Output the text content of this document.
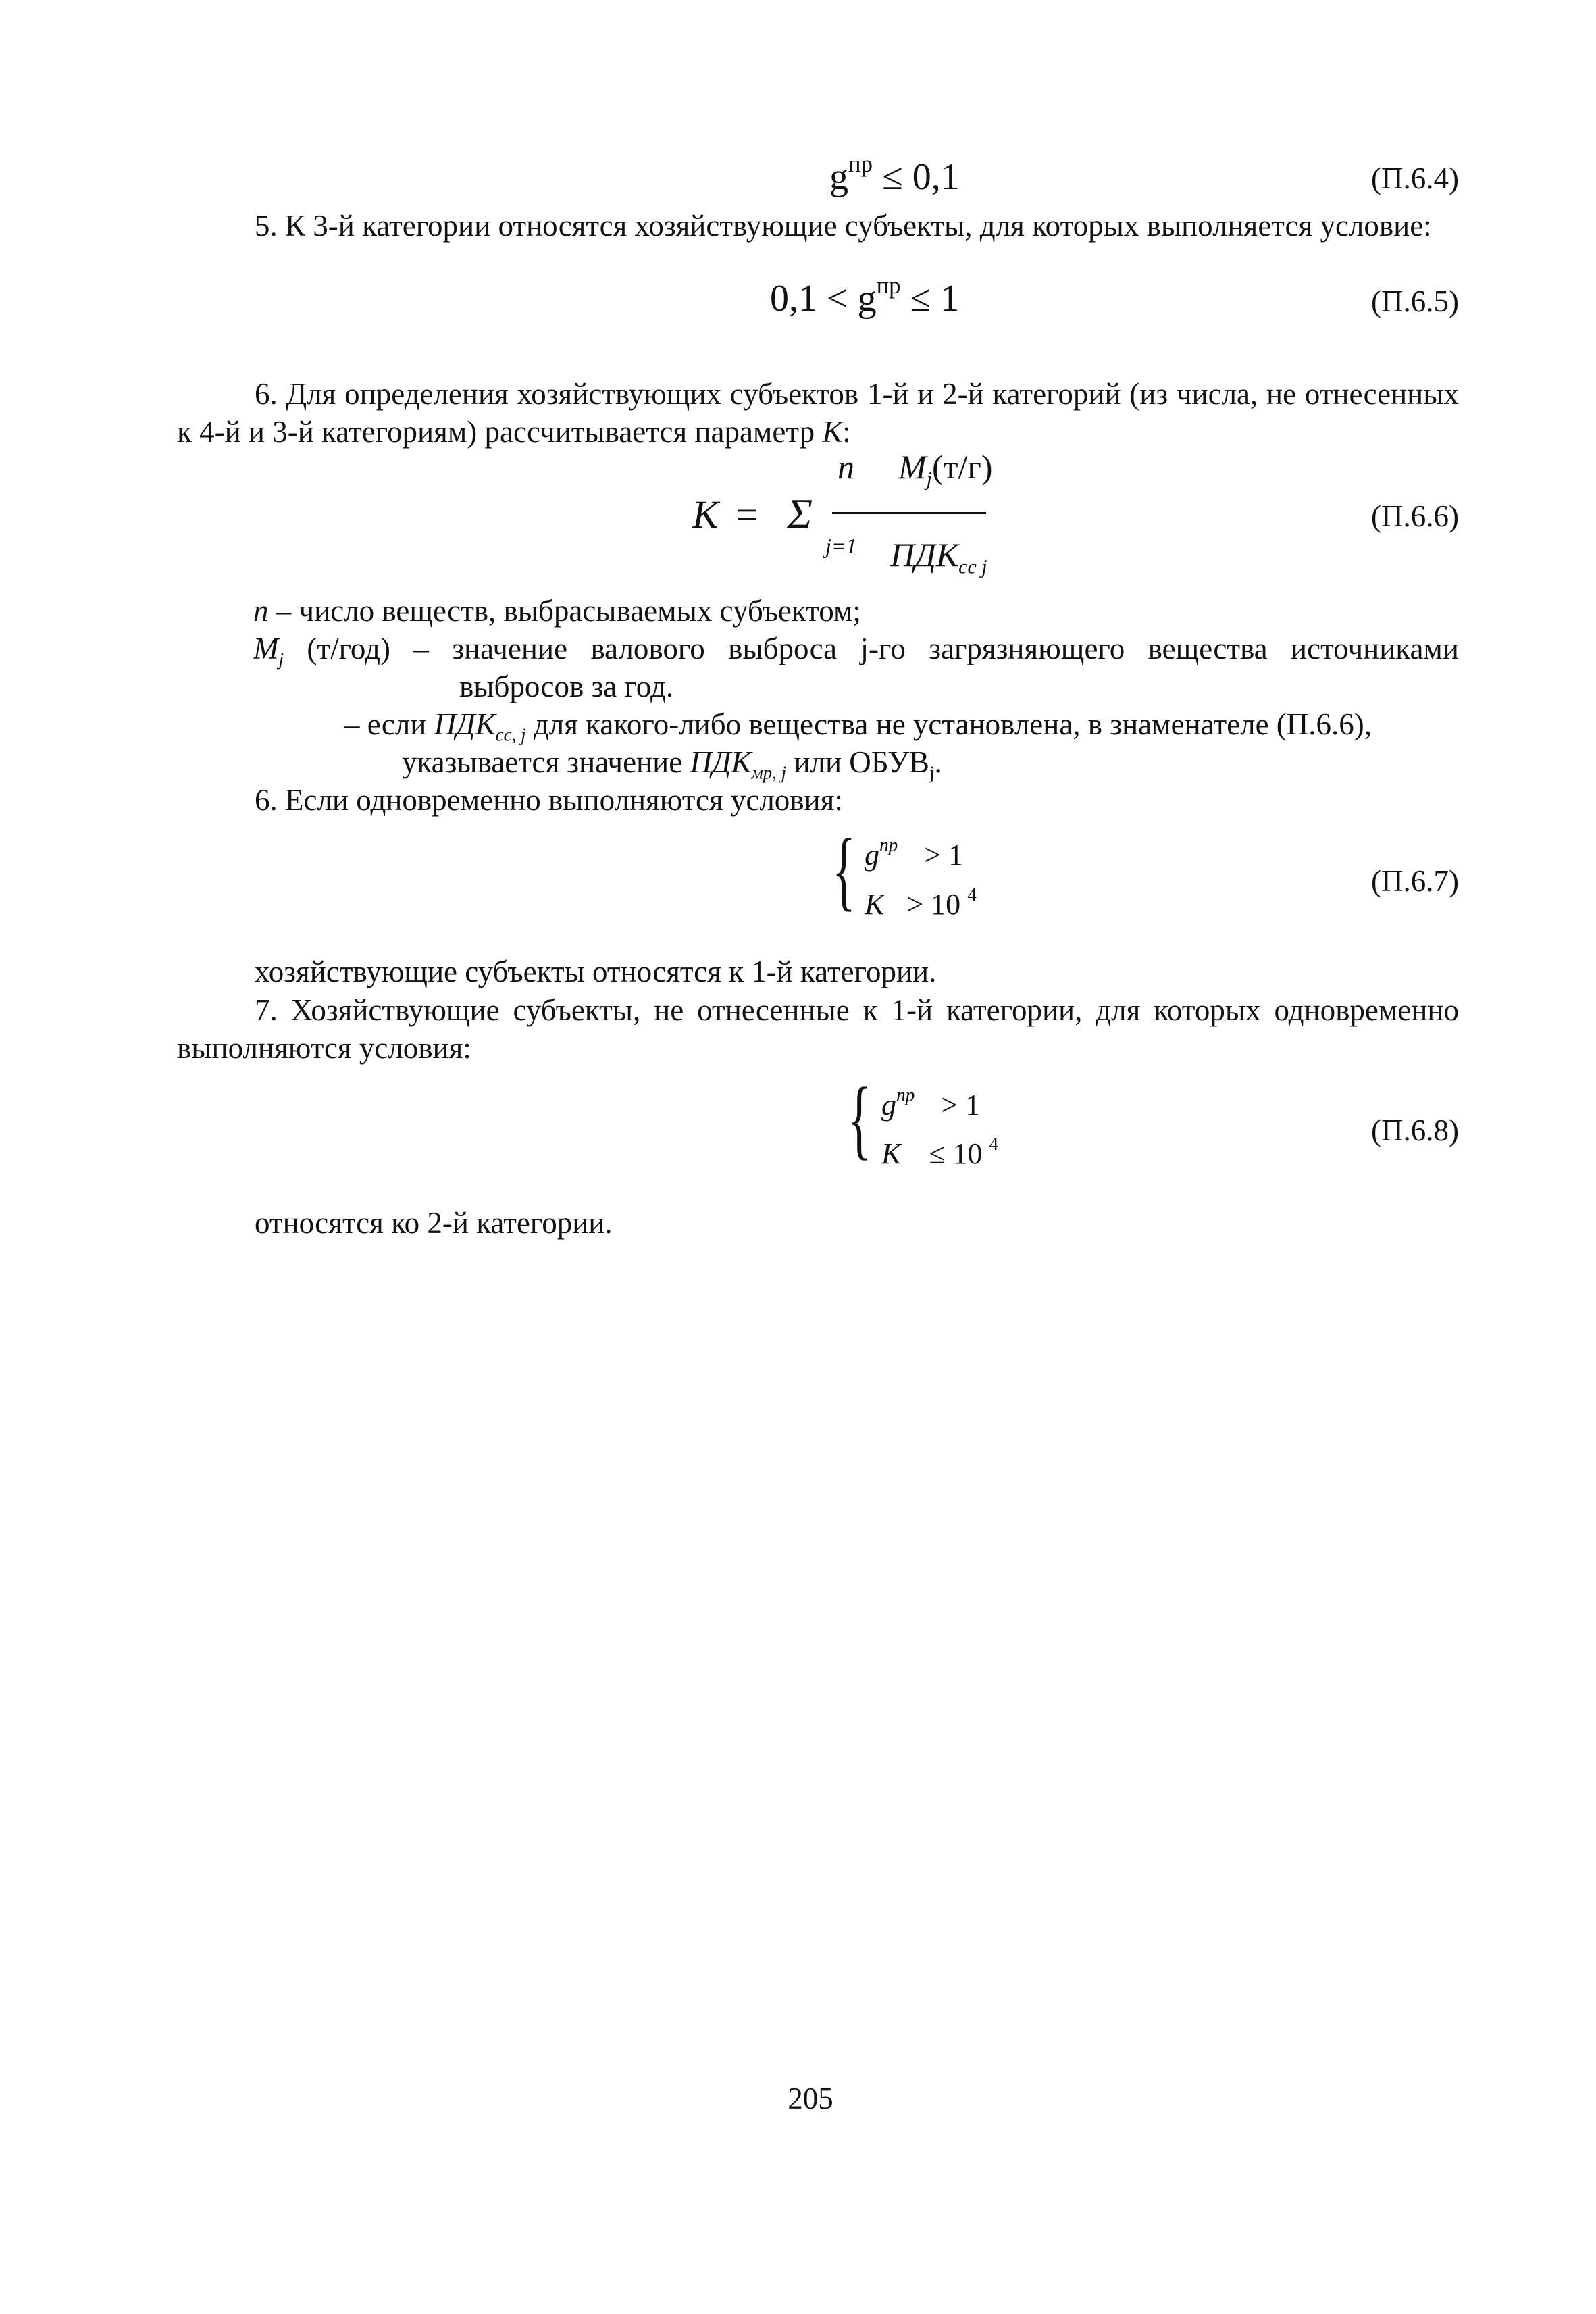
$g^{пр} \le 0,1$	(П.6.4)
5. К 3-й категории относятся хозяйствующие субъекты, для которых выполняется условие:
$0,1 < g^{пр} \le 1$	(П.6.5)
6. Для определения хозяйствующих субъектов 1-й и 2-й категорий (из числа, не отнесенных к 4-й и 3-й категориям) рассчитывается параметр К:
К = Σ
n
j=1
$M_j(т/г)$
$ПДК_{cc j}$
(П.6.6)
n – число веществ, выбрасываемых субъектом;
$M_j$ (т/год) – значение валового выброса j-го загрязняющего вещества источниками
выбросов за год.
– если $ПДК_{cc, j}$ для какого-либо вещества не установлена, в знаменателе (П.6.6),
указывается значение $ПДК_{мр, j}$ или $ОБУВ_j$.
6. Если одновременно выполняются условия:
{ $g^{пр} > 1$
K > 10 $^4$	(П.6.7)
хозяйствующие субъекты относятся к 1-й категории.
7. Хозяйствующие субъекты, не отнесенные к 1-й категории, для которых одновременно выполняются условия:
{ $g^{пр} > 1$
K ≤ 10 $^4$	(П.6.8)
относятся ко 2-й категории.
205
